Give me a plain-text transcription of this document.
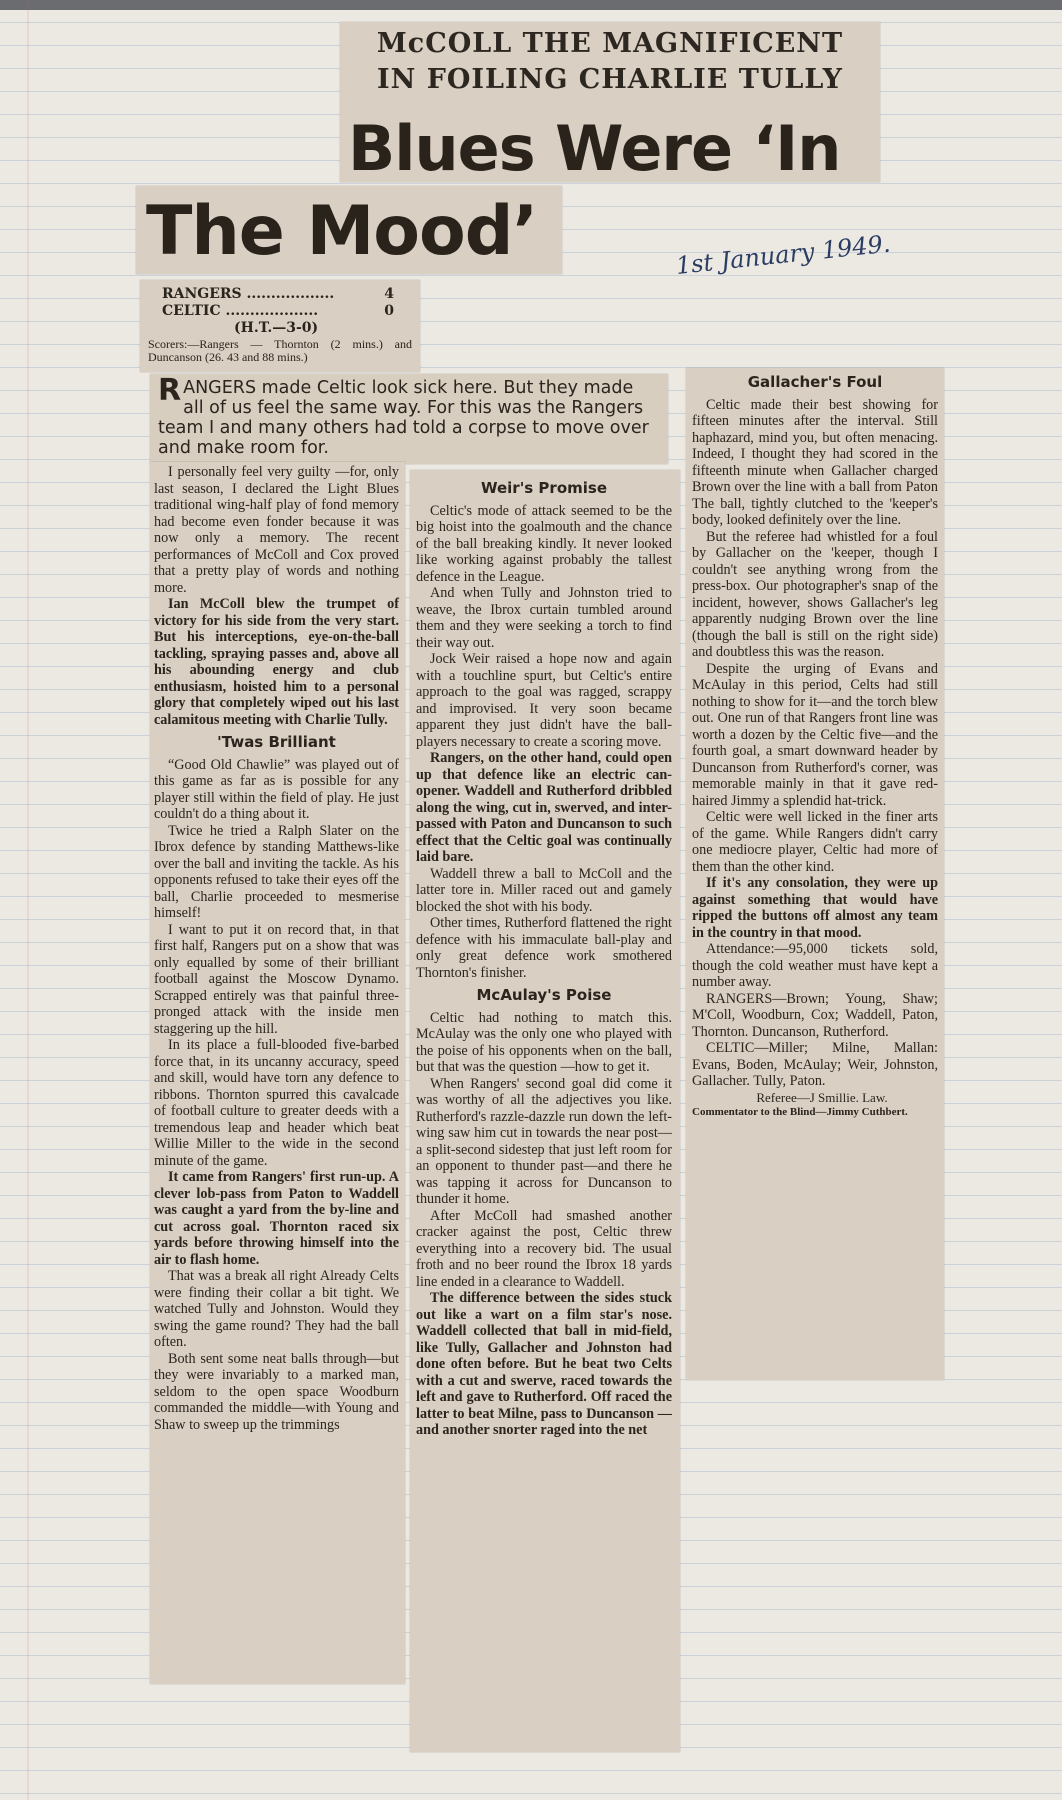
McCOLL THE MAGNIFICENT
IN FOILING CHARLIE TULLY
Blues Were ‘In
The Mood’	1st January 1949.
RANGERS ..................	4
CELTIC ...................	0
(H.T.—3-0)
Scorers:—Rangers — Thornton (2 mins.) and Duncanson (26. 43 and 88 mins.)
RANGERS made Celtic look sick here. But they made all of us feel the same way. For this was the Rangers team I and many others had told a corpse to move over and make room for.

I personally feel very guilty —for, only last season, I declared the Light Blues traditional wing-half play of fond memory had become even fonder because it was now only a memory. The recent performances of McColl and Cox proved that a pretty play of words and nothing more.

Ian McColl blew the trumpet of victory for his side from the very start. But his interceptions, eye-on-the-ball tackling, spraying passes and, above all his abounding energy and club enthusiasm, hoisted him to a personal glory that completely wiped out his last calamitous meeting with Charlie Tully.

'Twas Brilliant

“Good Old Chawlie” was played out of this game as far as is possible for any player still within the field of play. He just couldn't do a thing about it.

Twice he tried a Ralph Slater on the Ibrox defence by standing Matthews-like over the ball and inviting the tackle. As his opponents refused to take their eyes off the ball, Charlie proceeded to mesmerise himself!

I want to put it on record that, in that first half, Rangers put on a show that was only equalled by some of their brilliant football against the Moscow Dynamo. Scrapped entirely was that painful three-pronged attack with the inside men staggering up the hill.

In its place a full-blooded five-barbed force that, in its uncanny accuracy, speed and skill, would have torn any defence to ribbons. Thornton spurred this cavalcade of football culture to greater deeds with a tremendous leap and header which beat Willie Miller to the wide in the second minute of the game.

It came from Rangers' first run-up. A clever lob-pass from Paton to Waddell was caught a yard from the by-line and cut across goal. Thornton raced six yards before throwing himself into the air to flash home.

That was a break all right Already Celts were finding their collar a bit tight. We watched Tully and Johnston. Would they swing the game round? They had the ball often.

Both sent some neat balls through—but they were invariably to a marked man, seldom to the open space Woodburn commanded the middle—with Young and Shaw to sweep up the trimmings

Weir's Promise

Celtic's mode of attack seemed to be the big hoist into the goalmouth and the chance of the ball breaking kindly. It never looked like working against probably the tallest defence in the League.

And when Tully and Johnston tried to weave, the Ibrox curtain tumbled around them and they were seeking a torch to find their way out.

Jock Weir raised a hope now and again with a touchline spurt, but Celtic's entire approach to the goal was ragged, scrappy and improvised. It very soon became apparent they just didn't have the ball-players necessary to create a scoring move.

Rangers, on the other hand, could open up that defence like an electric can-opener. Waddell and Rutherford dribbled along the wing, cut in, swerved, and inter-passed with Paton and Duncanson to such effect that the Celtic goal was continually laid bare.

Waddell threw a ball to McColl and the latter tore in. Miller raced out and gamely blocked the shot with his body.

Other times, Rutherford flattened the right defence with his immaculate ball-play and only great defence work smothered Thornton's finisher.

McAulay's Poise

Celtic had nothing to match this. McAulay was the only one who played with the poise of his opponents when on the ball, but that was the question —how to get it.

When Rangers' second goal did come it was worthy of all the adjectives you like. Rutherford's razzle-dazzle run down the left-wing saw him cut in towards the near post—a split-second sidestep that just left room for an opponent to thunder past—and there he was tapping it across for Duncanson to thunder it home.

After McColl had smashed another cracker against the post, Celtic threw everything into a recovery bid. The usual froth and no beer round the Ibrox 18 yards line ended in a clearance to Waddell.

The difference between the sides stuck out like a wart on a film star's nose. Waddell collected that ball in mid-field, like Tully, Gallacher and Johnston had done often before. But he beat two Celts with a cut and swerve, raced towards the left and gave to Rutherford. Off raced the latter to beat Milne, pass to Duncanson — and another snorter raged into the net

Gallacher's Foul

Celtic made their best showing for fifteen minutes after the interval. Still haphazard, mind you, but often menacing. Indeed, I thought they had scored in the fifteenth minute when Gallacher charged Brown over the line with a ball from Paton The ball, tightly clutched to the 'keeper's body, looked definitely over the line.

But the referee had whistled for a foul by Gallacher on the 'keeper, though I couldn't see anything wrong from the press-box. Our photographer's snap of the incident, however, shows Gallacher's leg apparently nudging Brown over the line (though the ball is still on the right side) and doubtless this was the reason.

Despite the urging of Evans and McAulay in this period, Celts had still nothing to show for it—and the torch blew out. One run of that Rangers front line was worth a dozen by the Celtic five—and the fourth goal, a smart downward header by Duncanson from Rutherford's corner, was memorable mainly in that it gave red-haired Jimmy a splendid hat-trick.

Celtic were well licked in the finer arts of the game. While Rangers didn't carry one mediocre player, Celtic had more of them than the other kind.

If it's any consolation, they were up against something that would have ripped the buttons off almost any team in the country in that mood.

Attendance:—95,000 tickets sold, though the cold weather must have kept a number away.

RANGERS—Brown; Young, Shaw; M'Coll, Woodburn, Cox; Waddell, Paton, Thornton. Duncanson, Rutherford.

CELTIC—Miller; Milne, Mallan: Evans, Boden, McAulay; Weir, Johnston, Gallacher. Tully, Paton.

Referee—J Smillie. Law.

Commentator to the Blind—Jimmy Cuthbert.
